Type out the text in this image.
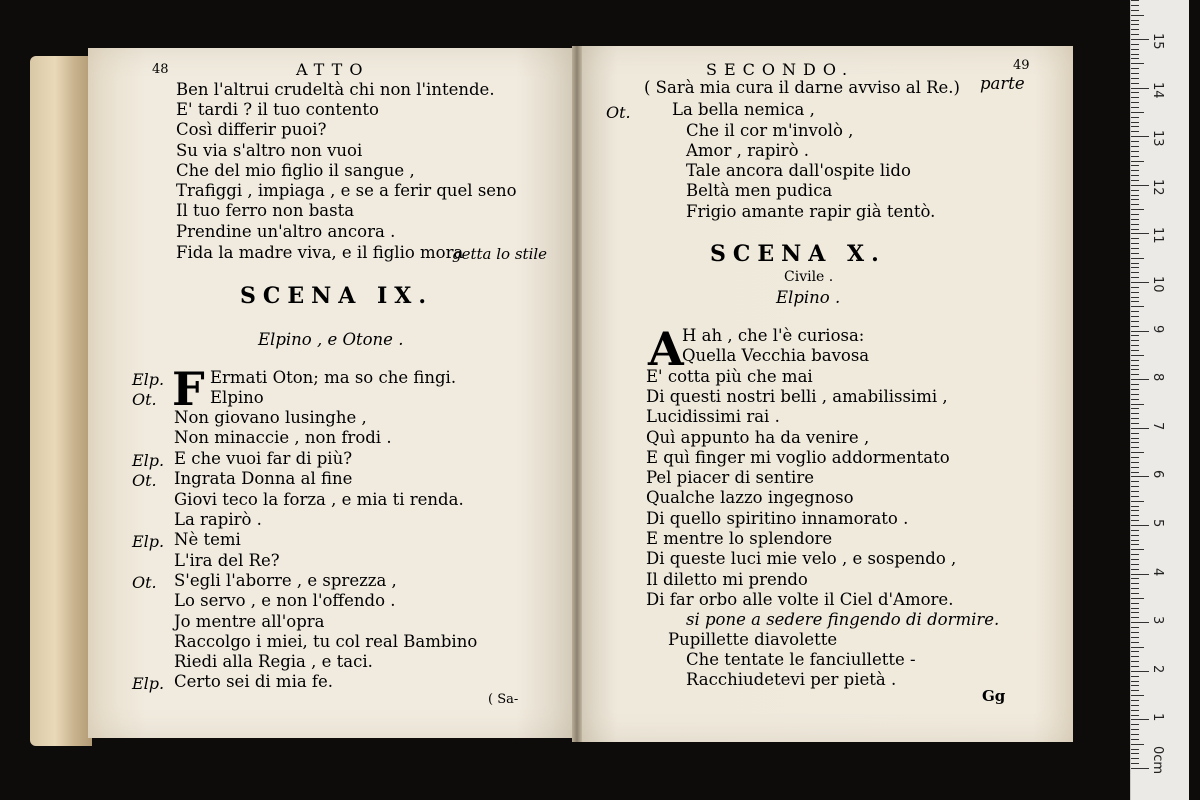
48	ATTO
Ben l'altrui crudeltà chi non l'intende.
E' tardi ? il tuo contento
Così differir puoi?
Su via s'altro non vuoi
Che del mio figlio il sangue ,
Trafiggi , impiaga , e se a ferir quel seno
Il tuo ferro non basta
Prendine un'altro ancora .
Fida la madre viva, e il figlio mora
getta lo stile
SCENA IX.
Elpino , e Otone .
F
Elp.	Ermati Oton; ma so che fingi.
Ot.	Elpino
Non giovano lusinghe ,
Non minaccie , non frodi .
Elp. E che vuoi far di più?
Ot. Ingrata Donna al fine
Giovi teco la forza , e mia ti renda.
La rapirò .
Elp. Nè temi
L'ira del Re?
Ot. S'egli l'aborre , e sprezza ,
Lo servo , e non l'offendo .
Jo mentre all'opra
Raccolgo i miei, tu col real Bambino
Riedi alla Regia , e taci.
Elp. Certo sei di mia fe.
( Sa-
SECONDO.	49
( Sarà mia cura il darne avviso al Re.) parte
Ot.	La bella nemica ,
Che il cor m'involò ,
Amor , rapirò .
Tale ancora dall'ospite lido
Beltà men pudica
Frigio amante rapir già tentò.
SCENA X.
Civile .
Elpino .
A
H ah , che l'è curiosa:
Quella Vecchia bavosa
E' cotta più che mai
Di questi nostri belli , amabilissimi ,
Lucidissimi rai .
Quì appunto ha da venire ,
E quì finger mi voglio addormentato
Pel piacer di sentire
Qualche lazzo ingegnoso
Di quello spiritino innamorato .
E mentre lo splendore
Di queste luci mie velo , e sospendo ,
Il diletto mi prendo
Di far orbo alle volte il Ciel d'Amore.
si pone a sedere fingendo di dormire.
Pupillette diavolette
Che tentate le fanciullette -
Racchiudetevi per pietà .
Gg
0cm
1
2
3
4
5
6
7
8
9
10
11
12
13
14
15
